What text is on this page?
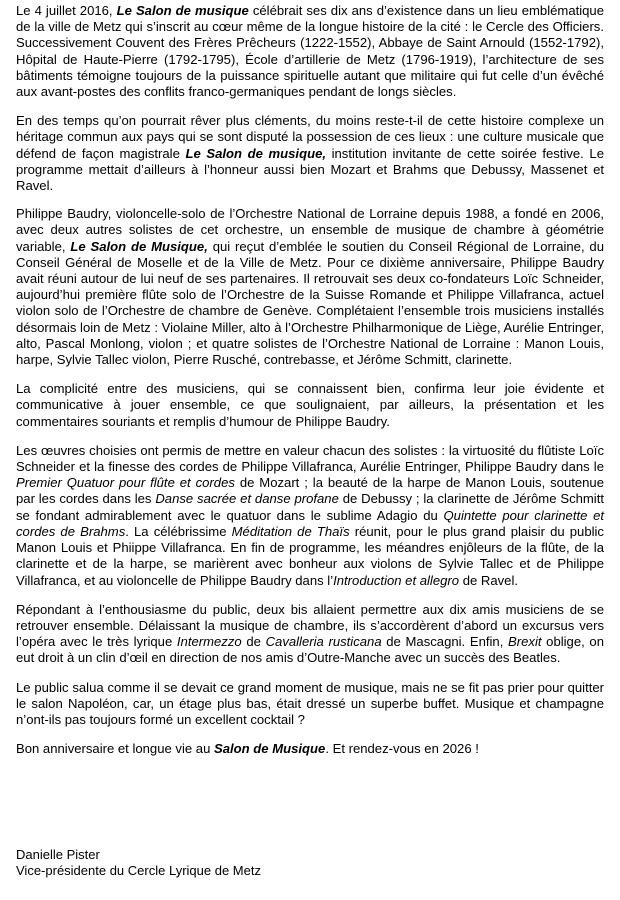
Le 4 juillet 2016, Le Salon de musique célébrait ses dix ans d’existence dans un lieu emblématique de la ville de Metz qui s’inscrit au cœur même de la longue histoire de la cité : le Cercle des Officiers. Successivement Couvent des Frères Prêcheurs (1222-1552), Abbaye de Saint Arnould (1552-1792), Hôpital de Haute-Pierre (1792-1795), École d’artillerie de Metz (1796-1919), l’architecture de ses bâtiments témoigne toujours de la puissance spirituelle autant que militaire qui fut celle d’un évêché aux avant-postes des conflits franco-germaniques pendant de longs siècles.

En des temps qu’on pourrait rêver plus cléments, du moins reste-t-il de cette histoire complexe un héritage commun aux pays qui se sont disputé la possession de ces lieux : une culture musicale que défend de façon magistrale Le Salon de musique, institution invitante de cette soirée festive. Le programme mettait d’ailleurs à l’honneur aussi bien Mozart et Brahms que Debussy, Massenet et Ravel.

Philippe Baudry, violoncelle-solo de l’Orchestre National de Lorraine depuis 1988, a fondé en 2006, avec deux autres solistes de cet orchestre, un ensemble de musique de chambre à géométrie variable, Le Salon de Musique, qui reçut d’emblée le soutien du Conseil Régional de Lorraine, du Conseil Général de Moselle et de la Ville de Metz. Pour ce dixième anniversaire, Philippe Baudry avait réuni autour de lui neuf de ses partenaires. Il retrouvait ses deux co-fondateurs Loïc Schneider, aujourd’hui première flûte solo de l’Orchestre de la Suisse Romande et Philippe Villafranca, actuel violon solo de l’Orchestre de chambre de Genève. Complétaient l’ensemble trois musiciens installés désormais loin de Metz : Violaine Miller, alto à l’Orchestre Philharmonique de Liège, Aurélie Entringer, alto, Pascal Monlong, violon ; et quatre solistes de l’Orchestre National de Lorraine : Manon Louis, harpe, Sylvie Tallec violon, Pierre Rusché, contrebasse, et Jérôme Schmitt, clarinette.

La complicité entre des musiciens, qui se connaissent bien, confirma leur joie évidente et communicative à jouer ensemble, ce que soulignaient, par ailleurs, la présentation et les commentaires souriants et remplis d’humour de Philippe Baudry.

Les œuvres choisies ont permis de mettre en valeur chacun des solistes : la virtuosité du flûtiste Loïc Schneider et la finesse des cordes de Philippe Villafranca, Aurélie Entringer, Philippe Baudry dans le Premier Quatuor pour flûte et cordes de Mozart ; la beauté de la harpe de Manon Louis, soutenue par les cordes dans les Danse sacrée et danse profane de Debussy ; la clarinette de Jérôme Schmitt se fondant admirablement avec le quatuor dans le sublime Adagio du Quintette pour clarinette et cordes de Brahms. La célébrissime Méditation de Thaïs réunit, pour le plus grand plaisir du public Manon Louis et Phiippe Villafranca. En fin de programme, les méandres enjôleurs de la flûte, de la clarinette et de la harpe, se marièrent avec bonheur aux violons de Sylvie Tallec et de Philippe Villafranca, et au violoncelle de Philippe Baudry dans l’Introduction et allegro de Ravel.

Répondant à l’enthousiasme du public, deux bis allaient permettre aux dix amis musiciens de se retrouver ensemble. Délaissant la musique de chambre, ils s’accordèrent d’abord un excursus vers l’opéra avec le très lyrique Intermezzo de Cavalleria rusticana de Mascagni. Enfin, Brexit oblige, on eut droit à un clin d’œil en direction de nos amis d’Outre-Manche avec un succès des Beatles.

Le public salua comme il se devait ce grand moment de musique, mais ne se fit pas prier pour quitter le salon Napoléon, car, un étage plus bas, était dressé un superbe buffet. Musique et champagne n’ont-ils pas toujours formé un excellent cocktail ?

Bon anniversaire et longue vie au Salon de Musique. Et rendez-vous en 2026 !

Danielle Pister
Vice-présidente du Cercle Lyrique de Metz
